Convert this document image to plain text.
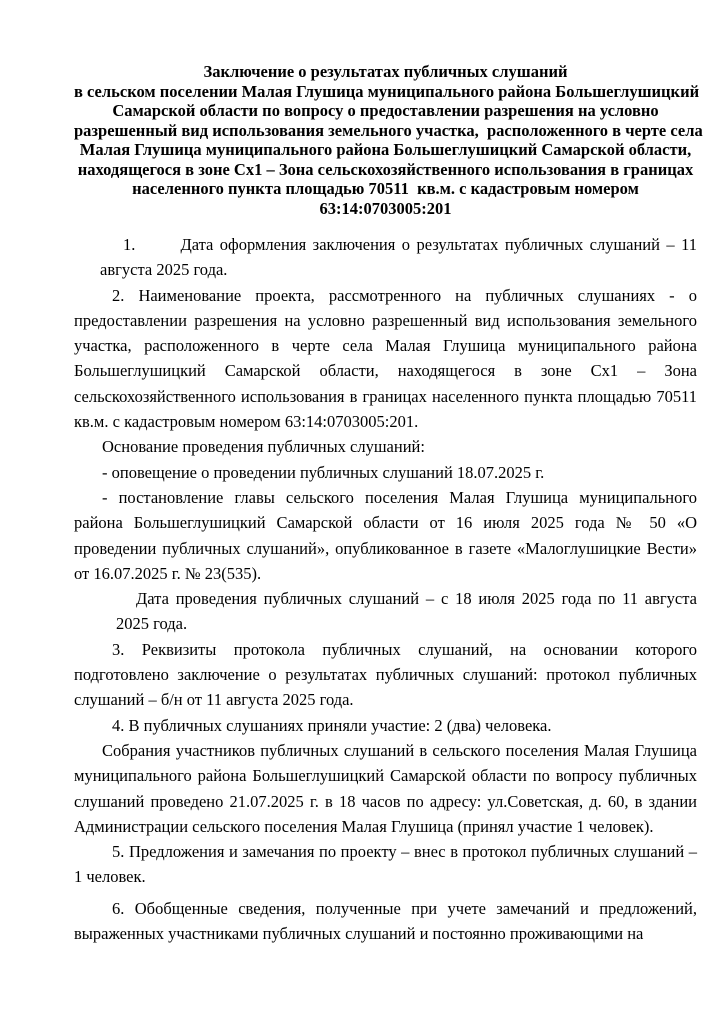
Заключение о результатах публичных слушаний
в сельском поселении Малая Глушица муниципального района Большеглушицкий
Самарской области по вопросу о предоставлении разрешения на условно
разрешенный вид использования земельного участка,  расположенного в черте села
Малая Глушица муниципального района Большеглушицкий Самарской области,
находящегося в зоне Сх1 – Зона сельскохозяйственного использования в границах
населенного пункта площадью 70511  кв.м. с кадастровым номером
63:14:0703005:201

1.       Дата оформления заключения о результатах публичных слушаний – 11 августа 2025 года.

2. Наименование проекта, рассмотренного на публичных слушаниях - о предоставлении разрешения на условно разрешенный вид использования земельного участка, расположенного в черте села Малая Глушица муниципального района Большеглушицкий Самарской области, находящегося в зоне Сх1 – Зона сельскохозяйственного использования в границах населенного пункта площадью 70511 кв.м. с кадастровым номером 63:14:0703005:201.

Основание проведения публичных слушаний:

- оповещение о проведении публичных слушаний 18.07.2025 г.

- постановление главы сельского поселения Малая Глушица муниципального района Большеглушицкий Самарской области от 16 июля 2025 года № 50 «О проведении публичных слушаний», опубликованное в газете «Малоглушицкие Вести» от 16.07.2025 г. № 23(535).

Дата проведения публичных слушаний – с 18 июля 2025 года по 11 августа 2025 года.

3. Реквизиты протокола публичных слушаний, на основании которого подготовлено заключение о результатах публичных слушаний: протокол публичных слушаний – б/н от 11 августа 2025 года.

4. В публичных слушаниях приняли участие: 2 (два) человека.

Собрания участников публичных слушаний в сельского поселения Малая Глушица муниципального района Большеглушицкий Самарской области по вопросу публичных слушаний проведено 21.07.2025 г. в 18 часов по адресу: ул.Советская, д. 60, в здании Администрации сельского поселения Малая Глушица (принял участие 1 человек).

5. Предложения и замечания по проекту – внес в протокол публичных слушаний – 1 человек.

6. Обобщенные сведения, полученные при учете замечаний и предложений, выраженных участниками публичных слушаний и постоянно проживающими на
